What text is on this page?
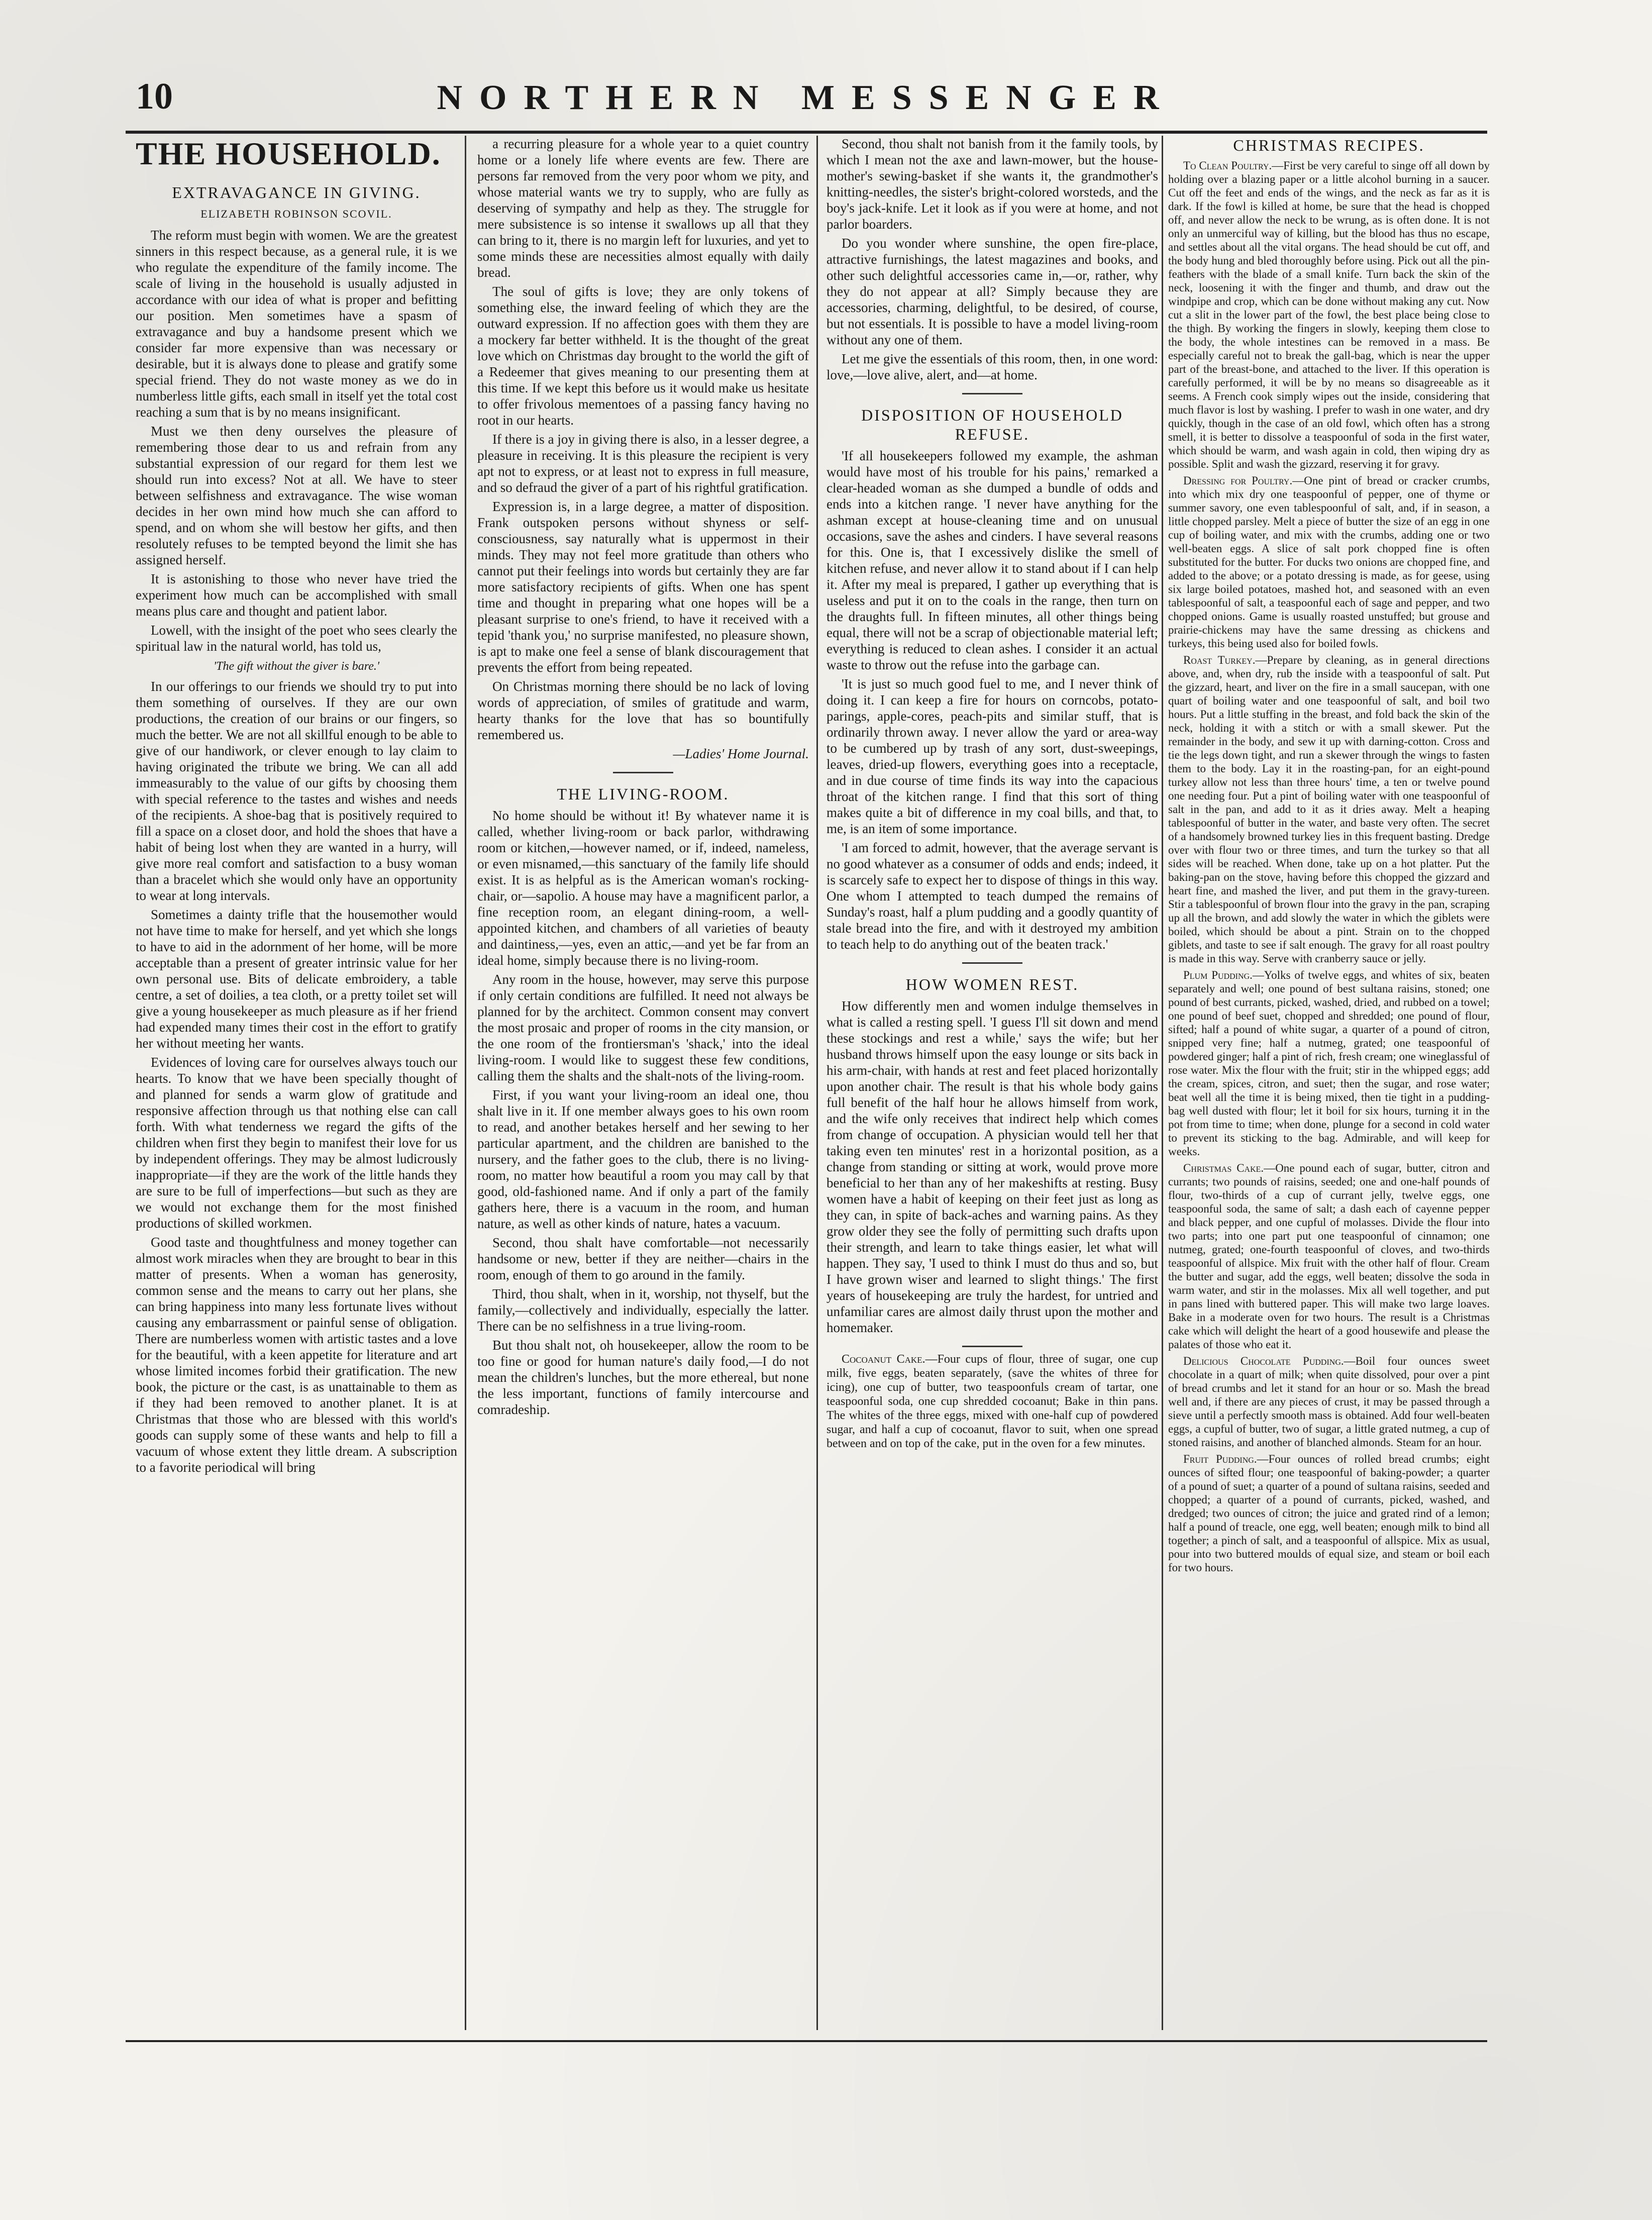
10	NORTHERN MESSENGER
THE HOUSEHOLD.
EXTRAVAGANCE IN GIVING.
ELIZABETH ROBINSON SCOVIL.

The reform must begin with women. We are the greatest sinners in this respect because, as a general rule, it is we who regulate the expenditure of the family income. The scale of living in the household is usually adjusted in accordance with our idea of what is proper and befitting our position. Men sometimes have a spasm of extravagance and buy a handsome present which we consider far more expensive than was necessary or desirable, but it is always done to please and gratify some special friend. They do not waste money as we do in numberless little gifts, each small in itself yet the total cost reaching a sum that is by no means insignificant.

Must we then deny ourselves the pleasure of remembering those dear to us and refrain from any substantial expression of our regard for them lest we should run into excess? Not at all. We have to steer between selfishness and extravagance. The wise woman decides in her own mind how much she can afford to spend, and on whom she will bestow her gifts, and then resolutely refuses to be tempted beyond the limit she has assigned herself.

It is astonishing to those who never have tried the experiment how much can be accomplished with small means plus care and thought and patient labor.

Lowell, with the insight of the poet who sees clearly the spiritual law in the natural world, has told us,

'The gift without the giver is bare.'

In our offerings to our friends we should try to put into them something of ourselves. If they are our own productions, the creation of our brains or our fingers, so much the better. We are not all skillful enough to be able to give of our handiwork, or clever enough to lay claim to having originated the tribute we bring. We can all add immeasurably to the value of our gifts by choosing them with special reference to the tastes and wishes and needs of the recipients. A shoe-bag that is positively required to fill a space on a closet door, and hold the shoes that have a habit of being lost when they are wanted in a hurry, will give more real comfort and satisfaction to a busy woman than a bracelet which she would only have an opportunity to wear at long intervals.

Sometimes a dainty trifle that the housemother would not have time to make for herself, and yet which she longs to have to aid in the adornment of her home, will be more acceptable than a present of greater intrinsic value for her own personal use. Bits of delicate embroidery, a table centre, a set of doilies, a tea cloth, or a pretty toilet set will give a young housekeeper as much pleasure as if her friend had expended many times their cost in the effort to gratify her without meeting her wants.

Evidences of loving care for ourselves always touch our hearts. To know that we have been specially thought of and planned for sends a warm glow of gratitude and responsive affection through us that nothing else can call forth. With what tenderness we regard the gifts of the children when first they begin to manifest their love for us by independent offerings. They may be almost ludicrously inappropriate—if they are the work of the little hands they are sure to be full of imperfections—but such as they are we would not exchange them for the most finished productions of skilled workmen.

Good taste and thoughtfulness and money together can almost work miracles when they are brought to bear in this matter of presents. When a woman has generosity, common sense and the means to carry out her plans, she can bring happiness into many less fortunate lives without causing any embarrassment or painful sense of obligation. There are numberless women with artistic tastes and a love for the beautiful, with a keen appetite for literature and art whose limited incomes forbid their gratification. The new book, the picture or the cast, is as unattainable to them as if they had been removed to another planet. It is at Christmas that those who are blessed with this world's goods can supply some of these wants and help to fill a vacuum of whose extent they little dream. A subscription to a favorite periodical will bring

a recurring pleasure for a whole year to a quiet country home or a lonely life where events are few. There are persons far removed from the very poor whom we pity, and whose material wants we try to supply, who are fully as deserving of sympathy and help as they. The struggle for mere subsistence is so intense it swallows up all that they can bring to it, there is no margin left for luxuries, and yet to some minds these are necessities almost equally with daily bread.

The soul of gifts is love; they are only tokens of something else, the inward feeling of which they are the outward expression. If no affection goes with them they are a mockery far better withheld. It is the thought of the great love which on Christmas day brought to the world the gift of a Redeemer that gives meaning to our presenting them at this time. If we kept this before us it would make us hesitate to offer frivolous mementoes of a passing fancy having no root in our hearts.

If there is a joy in giving there is also, in a lesser degree, a pleasure in receiving. It is this pleasure the recipient is very apt not to express, or at least not to express in full measure, and so defraud the giver of a part of his rightful gratification.

Expression is, in a large degree, a matter of disposition. Frank outspoken persons without shyness or self-consciousness, say naturally what is uppermost in their minds. They may not feel more gratitude than others who cannot put their feelings into words but certainly they are far more satisfactory recipients of gifts. When one has spent time and thought in preparing what one hopes will be a pleasant surprise to one's friend, to have it received with a tepid 'thank you,' no surprise manifested, no pleasure shown, is apt to make one feel a sense of blank discouragement that prevents the effort from being repeated.

On Christmas morning there should be no lack of loving words of appreciation, of smiles of gratitude and warm, hearty thanks for the love that has so bountifully remembered us.

—Ladies' Home Journal.

THE LIVING-ROOM.

No home should be without it! By whatever name it is called, whether living-room or back parlor, withdrawing room or kitchen,—however named, or if, indeed, nameless, or even misnamed,—this sanctuary of the family life should exist. It is as helpful as is the American woman's rocking-chair, or—sapolio. A house may have a magnificent parlor, a fine reception room, an elegant dining-room, a well-appointed kitchen, and chambers of all varieties of beauty and daintiness,—yes, even an attic,—and yet be far from an ideal home, simply because there is no living-room.

Any room in the house, however, may serve this purpose if only certain conditions are fulfilled. It need not always be planned for by the architect. Common consent may convert the most prosaic and proper of rooms in the city mansion, or the one room of the frontiersman's 'shack,' into the ideal living-room. I would like to suggest these few conditions, calling them the shalts and the shalt-nots of the living-room.

First, if you want your living-room an ideal one, thou shalt live in it. If one member always goes to his own room to read, and another betakes herself and her sewing to her particular apartment, and the children are banished to the nursery, and the father goes to the club, there is no living-room, no matter how beautiful a room you may call by that good, old-fashioned name. And if only a part of the family gathers here, there is a vacuum in the room, and human nature, as well as other kinds of nature, hates a vacuum.

Second, thou shalt have comfortable—not necessarily handsome or new, better if they are neither—chairs in the room, enough of them to go around in the family.

Third, thou shalt, when in it, worship, not thyself, but the family,—collectively and individually, especially the latter. There can be no selfishness in a true living-room.

But thou shalt not, oh housekeeper, allow the room to be too fine or good for human nature's daily food,—I do not mean the children's lunches, but the more ethereal, but none the less important, functions of family intercourse and comradeship.

Second, thou shalt not banish from it the family tools, by which I mean not the axe and lawn-mower, but the house-mother's sewing-basket if she wants it, the grandmother's knitting-needles, the sister's bright-colored worsteds, and the boy's jack-knife. Let it look as if you were at home, and not parlor boarders.

Do you wonder where sunshine, the open fire-place, attractive furnishings, the latest magazines and books, and other such delightful accessories came in,—or, rather, why they do not appear at all? Simply because they are accessories, charming, delightful, to be desired, of course, but not essentials. It is possible to have a model living-room without any one of them.

Let me give the essentials of this room, then, in one word: love,—love alive, alert, and—at home.

DISPOSITION OF HOUSEHOLD REFUSE.

'If all housekeepers followed my example, the ashman would have most of his trouble for his pains,' remarked a clear-headed woman as she dumped a bundle of odds and ends into a kitchen range. 'I never have anything for the ashman except at house-cleaning time and on unusual occasions, save the ashes and cinders. I have several reasons for this. One is, that I excessively dislike the smell of kitchen refuse, and never allow it to stand about if I can help it. After my meal is prepared, I gather up everything that is useless and put it on to the coals in the range, then turn on the draughts full. In fifteen minutes, all other things being equal, there will not be a scrap of objectionable material left; everything is reduced to clean ashes. I consider it an actual waste to throw out the refuse into the garbage can.

'It is just so much good fuel to me, and I never think of doing it. I can keep a fire for hours on corncobs, potato-parings, apple-cores, peach-pits and similar stuff, that is ordinarily thrown away. I never allow the yard or area-way to be cumbered up by trash of any sort, dust-sweepings, leaves, dried-up flowers, everything goes into a receptacle, and in due course of time finds its way into the capacious throat of the kitchen range. I find that this sort of thing makes quite a bit of difference in my coal bills, and that, to me, is an item of some importance.

'I am forced to admit, however, that the average servant is no good whatever as a consumer of odds and ends; indeed, it is scarcely safe to expect her to dispose of things in this way. One whom I attempted to teach dumped the remains of Sunday's roast, half a plum pudding and a goodly quantity of stale bread into the fire, and with it destroyed my ambition to teach help to do anything out of the beaten track.'

HOW WOMEN REST.

How differently men and women indulge themselves in what is called a resting spell. 'I guess I'll sit down and mend these stockings and rest a while,' says the wife; but her husband throws himself upon the easy lounge or sits back in his arm-chair, with hands at rest and feet placed horizontally upon another chair. The result is that his whole body gains full benefit of the half hour he allows himself from work, and the wife only receives that indirect help which comes from change of occupation. A physician would tell her that taking even ten minutes' rest in a horizontal position, as a change from standing or sitting at work, would prove more beneficial to her than any of her makeshifts at resting. Busy women have a habit of keeping on their feet just as long as they can, in spite of back-aches and warning pains. As they grow older they see the folly of permitting such drafts upon their strength, and learn to take things easier, let what will happen. They say, 'I used to think I must do thus and so, but I have grown wiser and learned to slight things.' The first years of housekeeping are truly the hardest, for untried and unfamiliar cares are almost daily thrust upon the mother and homemaker.

Cocoanut Cake.—Four cups of flour, three of sugar, one cup milk, five eggs, beaten separately, (save the whites of three for icing), one cup of butter, two teaspoonfuls cream of tartar, one teaspoonful soda, one cup shredded cocoanut; Bake in thin pans. The whites of the three eggs, mixed with one-half cup of powdered sugar, and half a cup of cocoanut, flavor to suit, when one spread between and on top of the cake, put in the oven for a few minutes.

CHRISTMAS RECIPES.

To Clean Poultry.—First be very careful to singe off all down by holding over a blazing paper or a little alcohol burning in a saucer. Cut off the feet and ends of the wings, and the neck as far as it is dark. If the fowl is killed at home, be sure that the head is chopped off, and never allow the neck to be wrung, as is often done. It is not only an unmerciful way of killing, but the blood has thus no escape, and settles about all the vital organs. The head should be cut off, and the body hung and bled thoroughly before using. Pick out all the pin-feathers with the blade of a small knife. Turn back the skin of the neck, loosening it with the finger and thumb, and draw out the windpipe and crop, which can be done without making any cut. Now cut a slit in the lower part of the fowl, the best place being close to the thigh. By working the fingers in slowly, keeping them close to the body, the whole intestines can be removed in a mass. Be especially careful not to break the gall-bag, which is near the upper part of the breast-bone, and attached to the liver. If this operation is carefully performed, it will be by no means so disagreeable as it seems. A French cook simply wipes out the inside, considering that much flavor is lost by washing. I prefer to wash in one water, and dry quickly, though in the case of an old fowl, which often has a strong smell, it is better to dissolve a teaspoonful of soda in the first water, which should be warm, and wash again in cold, then wiping dry as possible. Split and wash the gizzard, reserving it for gravy.

Dressing for Poultry.—One pint of bread or cracker crumbs, into which mix dry one teaspoonful of pepper, one of thyme or summer savory, one even tablespoonful of salt, and, if in season, a little chopped parsley. Melt a piece of butter the size of an egg in one cup of boiling water, and mix with the crumbs, adding one or two well-beaten eggs. A slice of salt pork chopped fine is often substituted for the butter. For ducks two onions are chopped fine, and added to the above; or a potato dressing is made, as for geese, using six large boiled potatoes, mashed hot, and seasoned with an even tablespoonful of salt, a teaspoonful each of sage and pepper, and two chopped onions. Game is usually roasted unstuffed; but grouse and prairie-chickens may have the same dressing as chickens and turkeys, this being used also for boiled fowls.

Roast Turkey.—Prepare by cleaning, as in general directions above, and, when dry, rub the inside with a teaspoonful of salt. Put the gizzard, heart, and liver on the fire in a small saucepan, with one quart of boiling water and one teaspoonful of salt, and boil two hours. Put a little stuffing in the breast, and fold back the skin of the neck, holding it with a stitch or with a small skewer. Put the remainder in the body, and sew it up with darning-cotton. Cross and tie the legs down tight, and run a skewer through the wings to fasten them to the body. Lay it in the roasting-pan, for an eight-pound turkey allow not less than three hours' time, a ten or twelve pound one needing four. Put a pint of boiling water with one teaspoonful of salt in the pan, and add to it as it dries away. Melt a heaping tablespoonful of butter in the water, and baste very often. The secret of a handsomely browned turkey lies in this frequent basting. Dredge over with flour two or three times, and turn the turkey so that all sides will be reached. When done, take up on a hot platter. Put the baking-pan on the stove, having before this chopped the gizzard and heart fine, and mashed the liver, and put them in the gravy-tureen. Stir a tablespoonful of brown flour into the gravy in the pan, scraping up all the brown, and add slowly the water in which the giblets were boiled, which should be about a pint. Strain on to the chopped giblets, and taste to see if salt enough. The gravy for all roast poultry is made in this way. Serve with cranberry sauce or jelly.

Plum Pudding.—Yolks of twelve eggs, and whites of six, beaten separately and well; one pound of best sultana raisins, stoned; one pound of best currants, picked, washed, dried, and rubbed on a towel; one pound of beef suet, chopped and shredded; one pound of flour, sifted; half a pound of white sugar, a quarter of a pound of citron, snipped very fine; half a nutmeg, grated; one teaspoonful of powdered ginger; half a pint of rich, fresh cream; one wineglassful of rose water. Mix the flour with the fruit; stir in the whipped eggs; add the cream, spices, citron, and suet; then the sugar, and rose water; beat well all the time it is being mixed, then tie tight in a pudding-bag well dusted with flour; let it boil for six hours, turning it in the pot from time to time; when done, plunge for a second in cold water to prevent its sticking to the bag. Admirable, and will keep for weeks.

Christmas Cake.—One pound each of sugar, butter, citron and currants; two pounds of raisins, seeded; one and one-half pounds of flour, two-thirds of a cup of currant jelly, twelve eggs, one teaspoonful soda, the same of salt; a dash each of cayenne pepper and black pepper, and one cupful of molasses. Divide the flour into two parts; into one part put one teaspoonful of cinnamon; one nutmeg, grated; one-fourth teaspoonful of cloves, and two-thirds teaspoonful of allspice. Mix fruit with the other half of flour. Cream the butter and sugar, add the eggs, well beaten; dissolve the soda in warm water, and stir in the molasses. Mix all well together, and put in pans lined with buttered paper. This will make two large loaves. Bake in a moderate oven for two hours. The result is a Christmas cake which will delight the heart of a good housewife and please the palates of those who eat it.

Delicious Chocolate Pudding.—Boil four ounces sweet chocolate in a quart of milk; when quite dissolved, pour over a pint of bread crumbs and let it stand for an hour or so. Mash the bread well and, if there are any pieces of crust, it may be passed through a sieve until a perfectly smooth mass is obtained. Add four well-beaten eggs, a cupful of butter, two of sugar, a little grated nutmeg, a cup of stoned raisins, and another of blanched almonds. Steam for an hour.

Fruit Pudding.—Four ounces of rolled bread crumbs; eight ounces of sifted flour; one teaspoonful of baking-powder; a quarter of a pound of suet; a quarter of a pound of sultana raisins, seeded and chopped; a quarter of a pound of currants, picked, washed, and dredged; two ounces of citron; the juice and grated rind of a lemon; half a pound of treacle, one egg, well beaten; enough milk to bind all together; a pinch of salt, and a teaspoonful of allspice. Mix as usual, pour into two buttered moulds of equal size, and steam or boil each for two hours.
